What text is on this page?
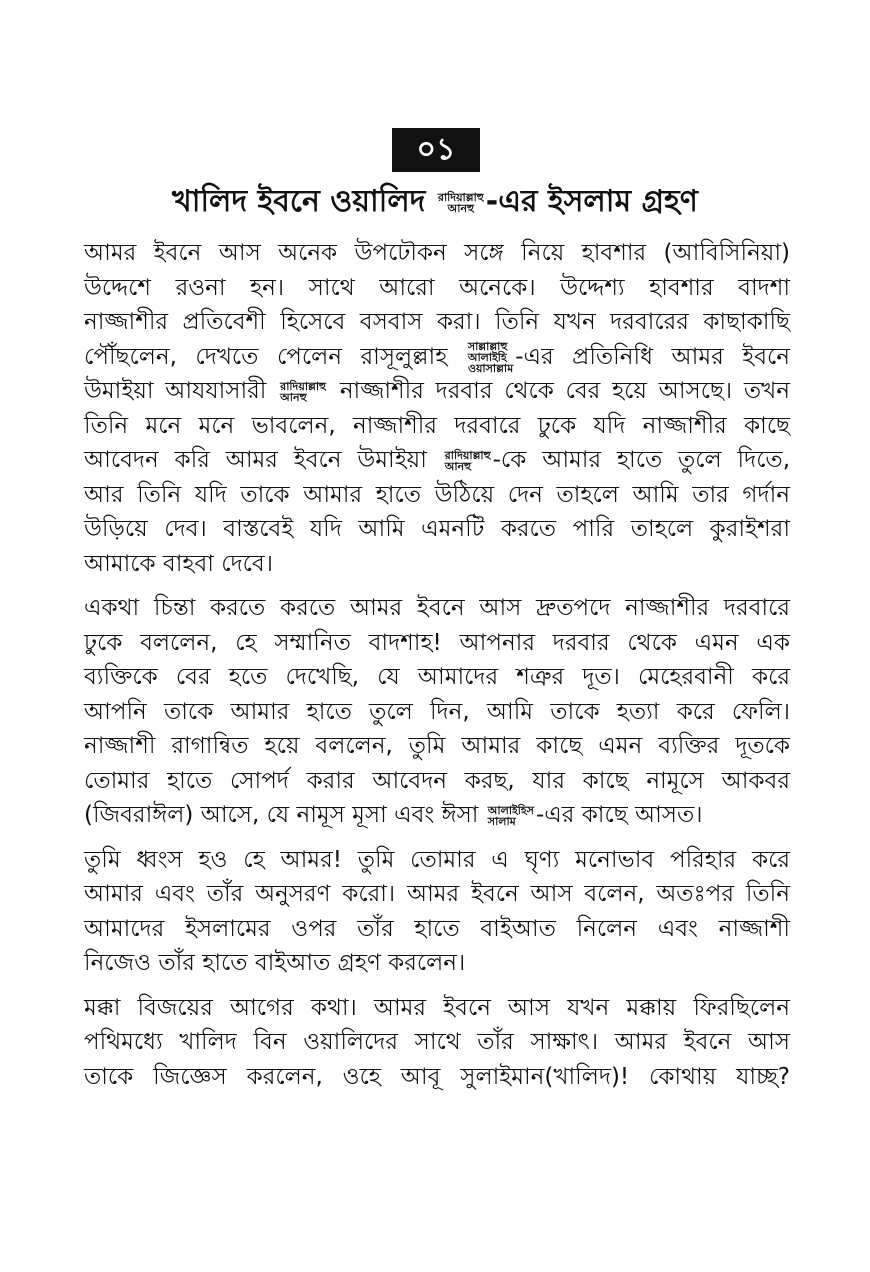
০১
খালিদ ইবনে ওয়ালিদ রাদিয়াল্লাহু
আনহু -এর ইসলাম গ্রহণ
আমর ইবনে আস অনেক উপঢৌকন সঙ্গে নিয়ে হাবশার (আবিসিনিয়া)
উদ্দেশে রওনা হন। সাথে আরো অনেকে। উদ্দেশ্য হাবশার বাদশা
নাজ্জাশীর প্রতিবেশী হিসেবে বসবাস করা। তিনি যখন দরবারের কাছাকাছি
পৌঁছলেন, দেখতে পেলেন রাসূলুল্লাহ সাল্লাল্লাহু
আলাইহি
ওয়াসাল্লাম -এর প্রতিনিধি আমর ইবনে
উমাইয়া আযযাসারী রাদিয়াল্লাহু
আনহু	নাজ্জাশীর দরবার থেকে বের হয়ে আসছে। তখন
তিনি মনে মনে ভাবলেন, নাজ্জাশীর দরবারে ঢুকে যদি নাজ্জাশীর কাছে
আবেদন করি আমর ইবনে উমাইয়া রাদিয়াল্লাহু
আনহু -কে আমার হাতে তুলে দিতে,
আর তিনি যদি তাকে আমার হাতে উঠিয়ে দেন তাহলে আমি তার গর্দান
উড়িয়ে দেব। বাস্তবেই যদি আমি এমনটি করতে পারি তাহলে কুরাইশরা
আমাকে বাহবা দেবে।
একথা চিন্তা করতে করতে আমর ইবনে আস দ্রুতপদে নাজ্জাশীর দরবারে
ঢুকে বললেন, হে সম্মানিত বাদশাহ! আপনার দরবার থেকে এমন এক
ব্যক্তিকে বের হতে দেখেছি, যে আমাদের শত্রুর দূত। মেহেরবানী করে
আপনি তাকে আমার হাতে তুলে দিন, আমি তাকে হত্যা করে ফেলি।
নাজ্জাশী রাগান্বিত হয়ে বললেন, তুমি আমার কাছে এমন ব্যক্তির দূতকে
তোমার হাতে সোপর্দ করার আবেদন করছ, যার কাছে নামূসে আকবর
(জিবরাঈল) আসে, যে নামূস মূসা এবং ঈসা আলাইহিস
সালাম -এর কাছে আসত।
তুমি ধ্বংস হও হে আমর! তুমি তোমার এ ঘৃণ্য মনোভাব পরিহার করে
আমার এবং তাঁর অনুসরণ করো। আমর ইবনে আস বলেন, অতঃপর তিনি
আমাদের ইসলামের ওপর তাঁর হাতে বাইআত নিলেন এবং নাজ্জাশী
নিজেও তাঁর হাতে বাইআত গ্রহণ করলেন।
মক্কা বিজয়ের আগের কথা। আমর ইবনে আস যখন মক্কায় ফিরছিলেন
পথিমধ্যে খালিদ বিন ওয়ালিদের সাথে তাঁর সাক্ষাৎ। আমর ইবনে আস
তাকে জিজ্ঞেস করলেন, ওহে আবূ সুলাইমান(খালিদ)! কোথায় যাচ্ছ?
